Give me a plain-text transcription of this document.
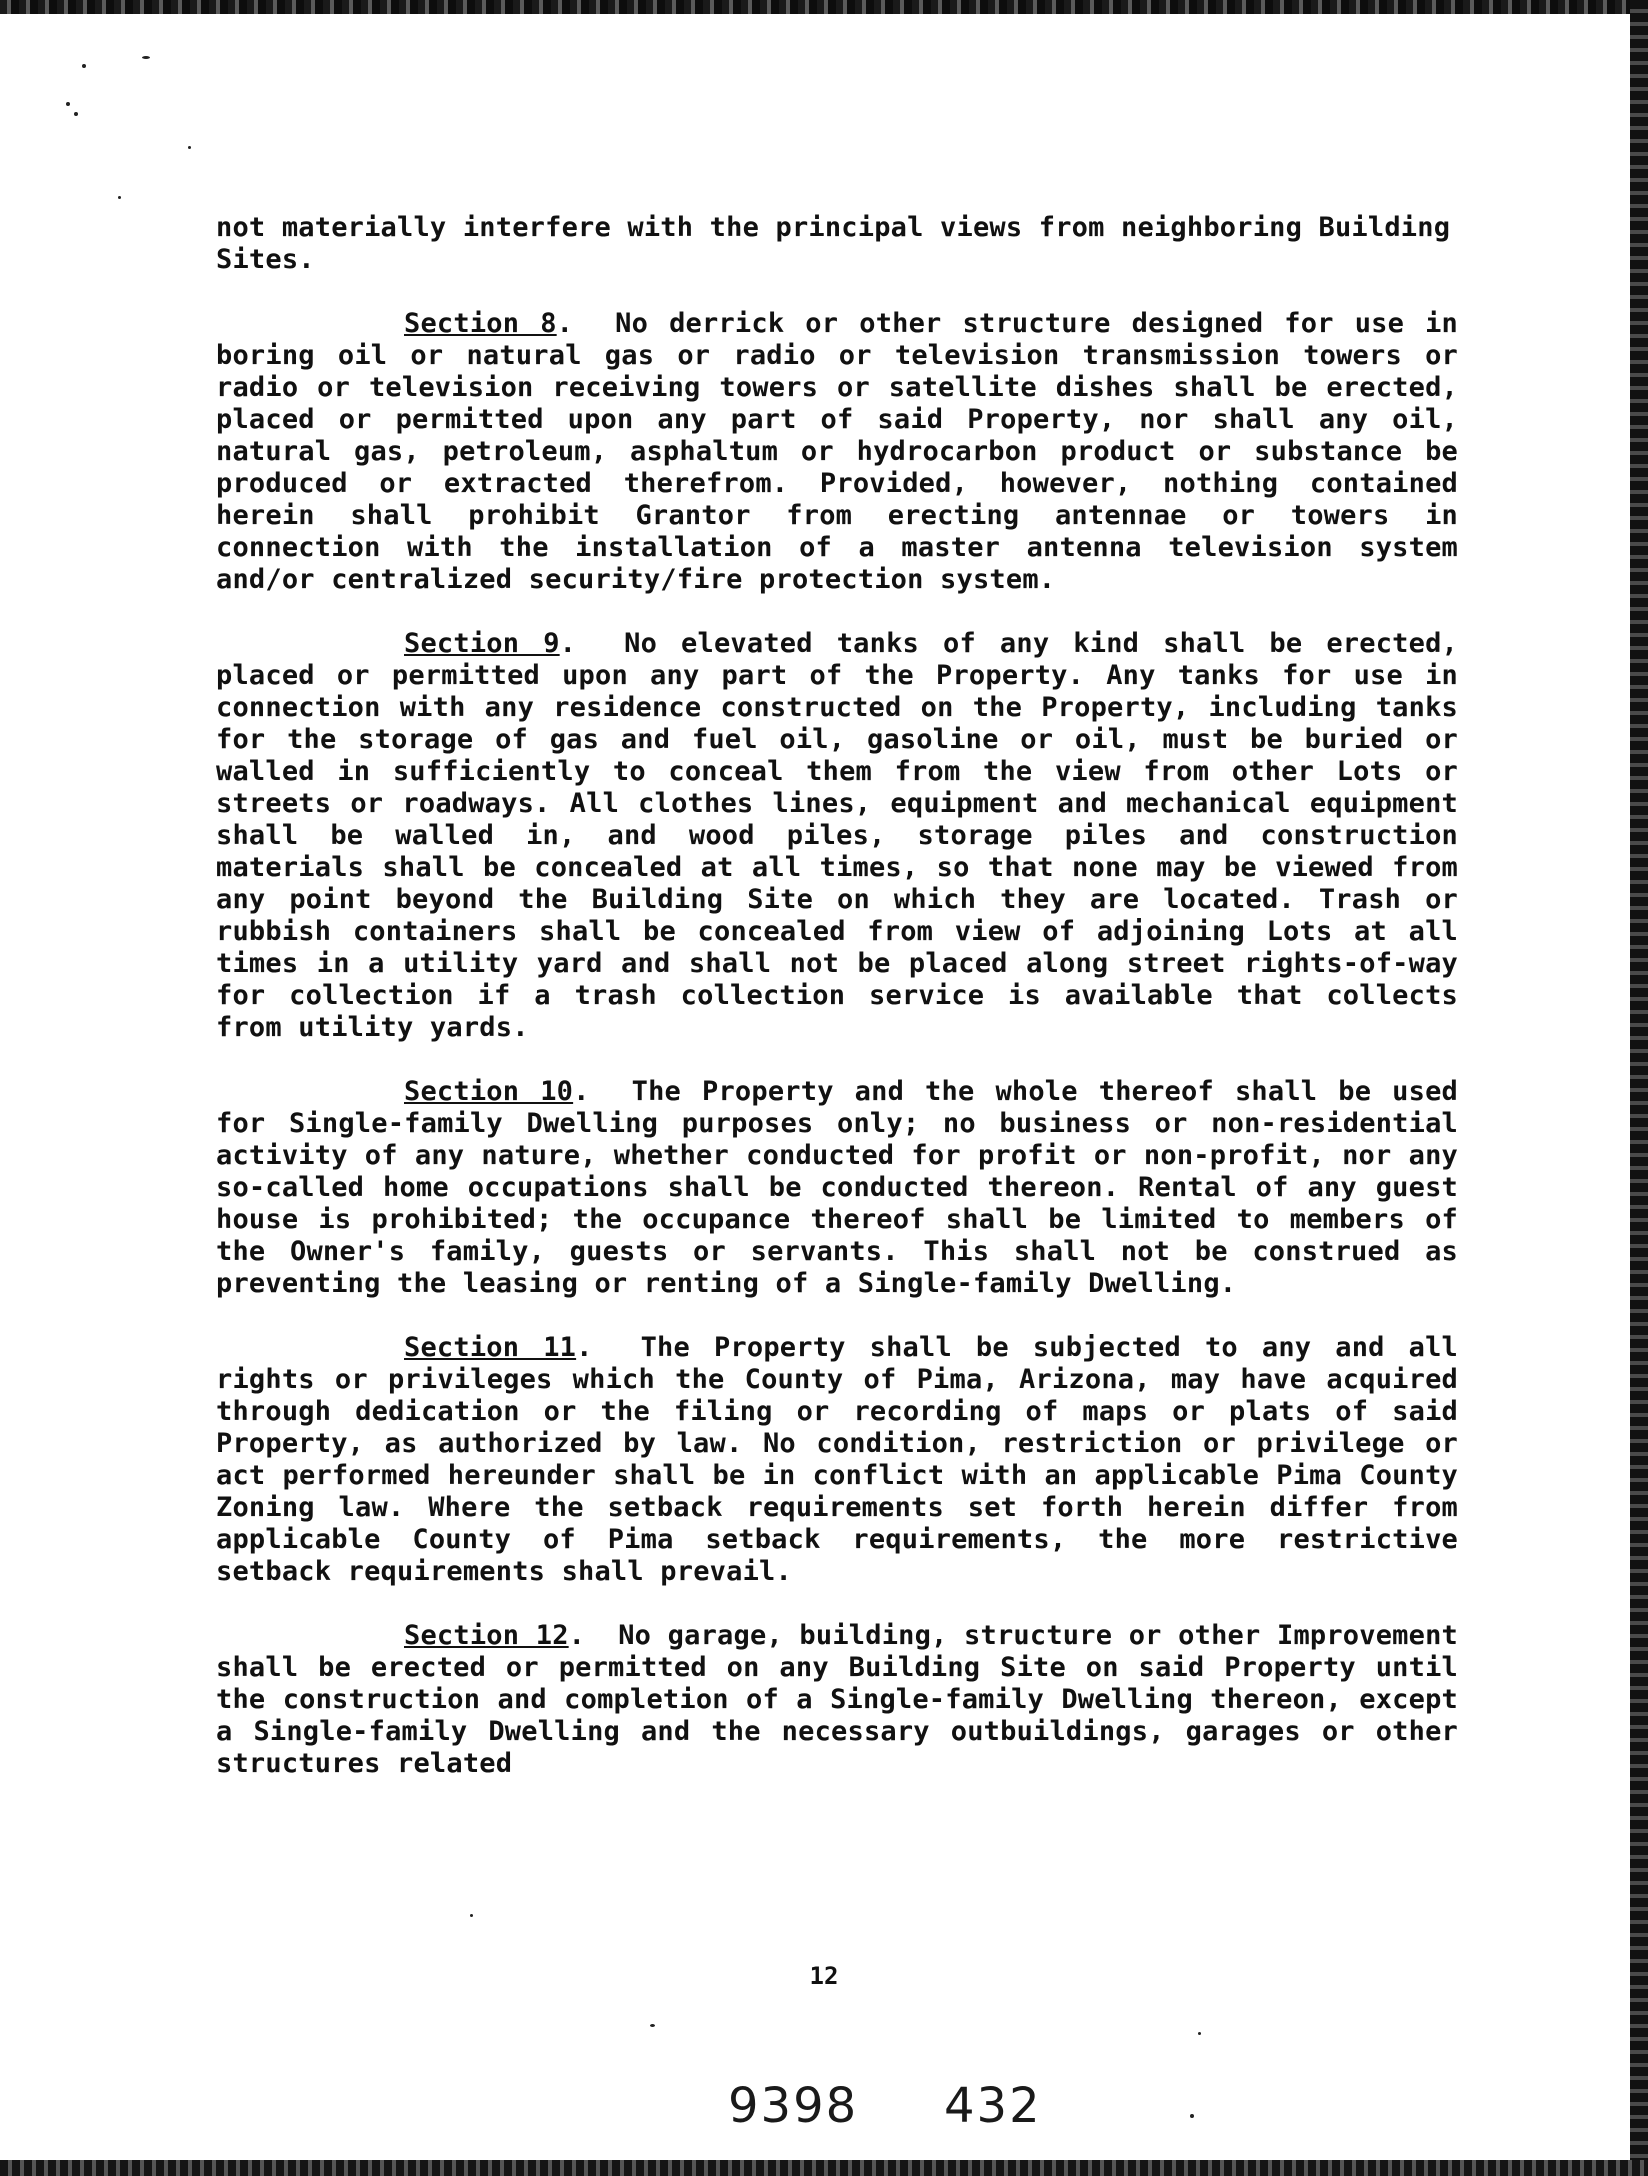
not materially interfere with the principal views from neighboring Building Sites.

Section 8.  No derrick or other structure designed for use in boring oil or natural gas or radio or television transmission towers or radio or television receiving towers or satellite dishes shall be erected, placed or permitted upon any part of said Property, nor shall any oil, natural gas, petroleum, asphaltum or hydrocarbon product or substance be produced or extracted therefrom. Provided, however, nothing contained herein shall prohibit Grantor from erecting antennae or towers in connection with the installation of a master antenna television system and/or centralized security/fire protection system.

Section 9.  No elevated tanks of any kind shall be erected, placed or permitted upon any part of the Property. Any tanks for use in connection with any residence constructed on the Property, including tanks for the storage of gas and fuel oil, gasoline or oil, must be buried or walled in sufficiently to conceal them from the view from other Lots or streets or roadways. All clothes lines, equipment and mechanical equipment shall be walled in, and wood piles, storage piles and construction materials shall be concealed at all times, so that none may be viewed from any point beyond the Building Site on which they are located. Trash or rubbish containers shall be concealed from view of adjoining Lots at all times in a utility yard and shall not be placed along street rights-of-way for collection if a trash collection service is available that collects from utility yards.

Section 10.  The Property and the whole thereof shall be used for Single-family Dwelling purposes only; no business or non-residential activity of any nature, whether conducted for profit or non-profit, nor any so-called home occupations shall be conducted thereon. Rental of any guest house is prohibited; the occupance thereof shall be limited to members of the Owner's family, guests or servants. This shall not be construed as preventing the leasing or renting of a Single-family Dwelling.

Section 11.  The Property shall be subjected to any and all rights or privileges which the County of Pima, Arizona, may have acquired through dedication or the filing or recording of maps or plats of said Property, as authorized by law. No condition, restriction or privilege or act performed hereunder shall be in conflict with an applicable Pima County Zoning law. Where the setback requirements set forth herein differ from applicable County of Pima setback requirements, the more restrictive setback requirements shall prevail.

Section 12.  No garage, building, structure or other Improvement shall be erected or permitted on any Building Site on said Property until the construction and completion of a Single-family Dwelling thereon, except a Single-family Dwelling and the necessary outbuildings, garages or other structures related

12
9398 432
